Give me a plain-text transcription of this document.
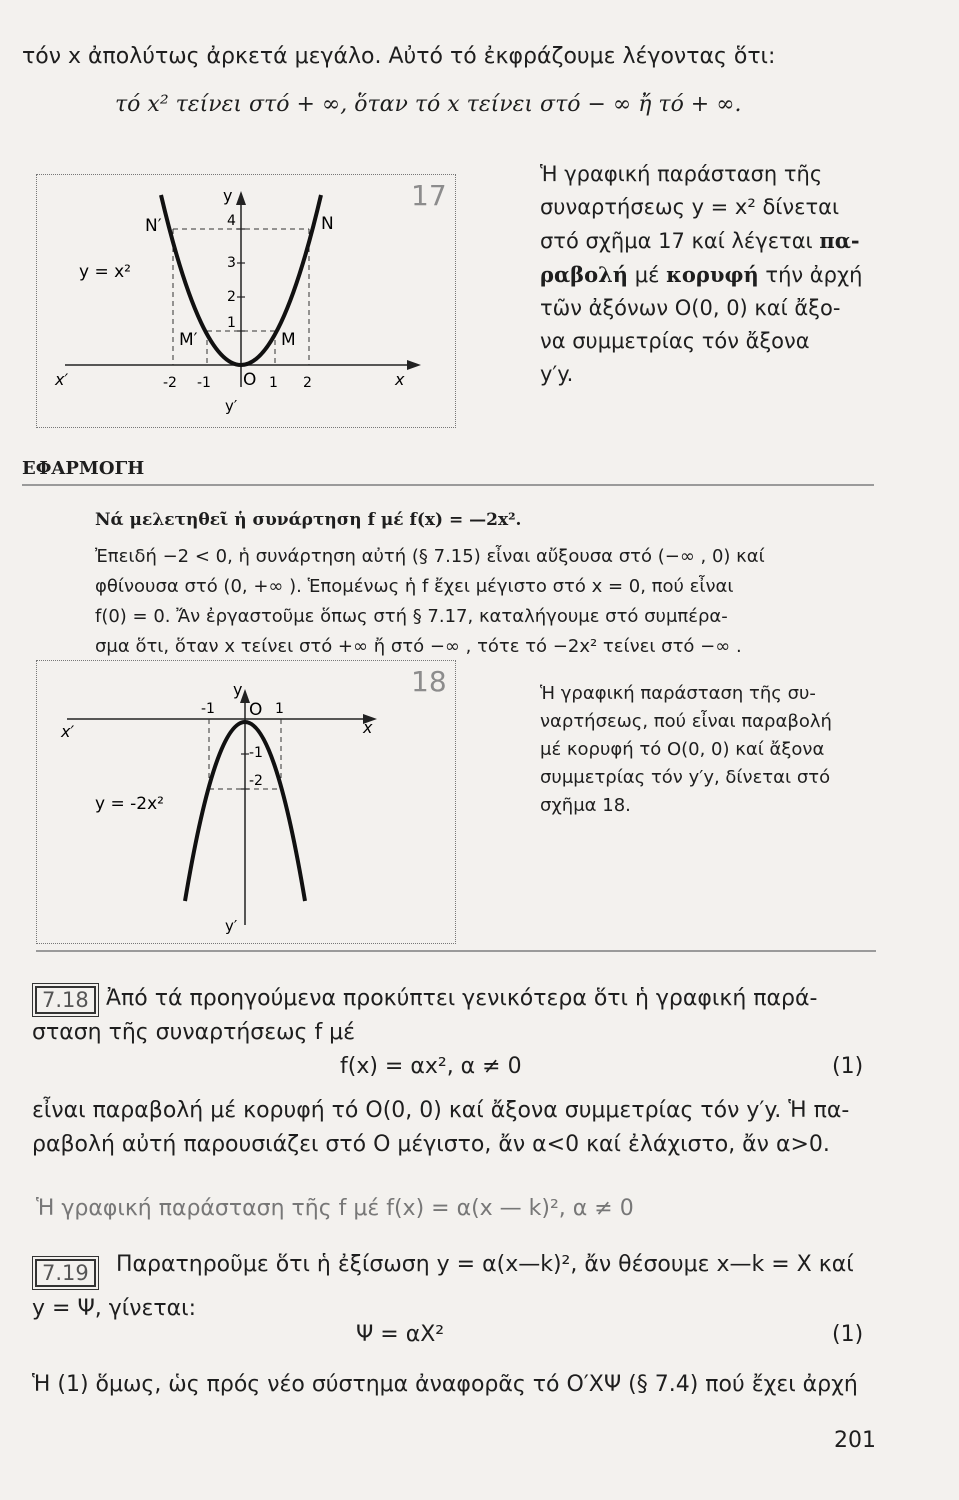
τόν x ἀπολύτως ἀρκετά μεγάλο. Αὐτό τό ἐκφράζουμε λέγοντας ὅτι:
τό x² τείνει στό + ∞, ὅταν τό x τείνει στό − ∞ ἤ τό + ∞.
17
y
y′
x
x′	O
N
N′
M
M′
-2 -1	1 2
1
2
3
4
y = x²
Ἡ γραφική παράσταση τῆς
συναρτήσεως y = x² δίνεται
στό σχῆμα 17 καί λέγεται πα-
ραβολή μέ κορυφή τήν ἀρχή
τῶν ἀξόνων O(0, 0) καί ἄξο-
να συμμετρίας τόν ἄξονα
y′y.
ΕΦΑΡΜΟΓΗ
Νά μελετηθεῖ ἡ συνάρτηση f μέ f(x) = —2x².
Ἐπειδή −2 < 0, ἡ συνάρτηση αὐτή (§ 7.15) εἶναι αὔξουσα στό (−∞ , 0) καί
φθίνουσα στό (0, +∞ ). Ἑπομένως ἡ f ἔχει μέγιστο στό x = 0, πού εἶναι
f(0) = 0. Ἄν ἐργαστοῦμε ὅπως στή § 7.17, καταλήγουμε στό συμπέρα-
σμα ὅτι, ὅταν x τείνει στό +∞ ἤ στό −∞ , τότε τό −2x² τείνει στό −∞ .
18
y
y′
x
x′
O
-1	1
-1
-2
y = -2x²
Ἡ γραφική παράσταση τῆς συ-
ναρτήσεως, πού εἶναι παραβολή
μέ κορυφή τό O(0, 0) καί ἄξονα
συμμετρίας τόν y′y, δίνεται στό
σχῆμα 18.
7.18 Ἀπό τά προηγούμενα προκύπτει γενικότερα ὅτι ἡ γραφική παρά-
σταση τῆς συναρτήσεως f μέ
f(x) = αx², α ≠ 0	(1)
εἶναι παραβολή μέ κορυφή τό O(0, 0) καί ἄξονα συμμετρίας τόν y′y. Ἡ πα-
ραβολή αὐτή παρουσιάζει στό O μέγιστο, ἄν α<0 καί ἐλάχιστο, ἄν α>0.
Ἡ γραφική παράσταση τῆς f μέ f(x) = α(x — k)², α ≠ 0
7.19	Παρατηροῦμε ὅτι ἡ ἐξίσωση y = α(x—k)², ἄν θέσουμε x—k = X καί
y = Ψ, γίνεται:
Ψ = αX²	(1)
Ἡ (1) ὅμως, ὡς πρός νέο σύστημα ἀναφορᾶς τό O′XΨ (§ 7.4) πού ἔχει ἀρχή
201
